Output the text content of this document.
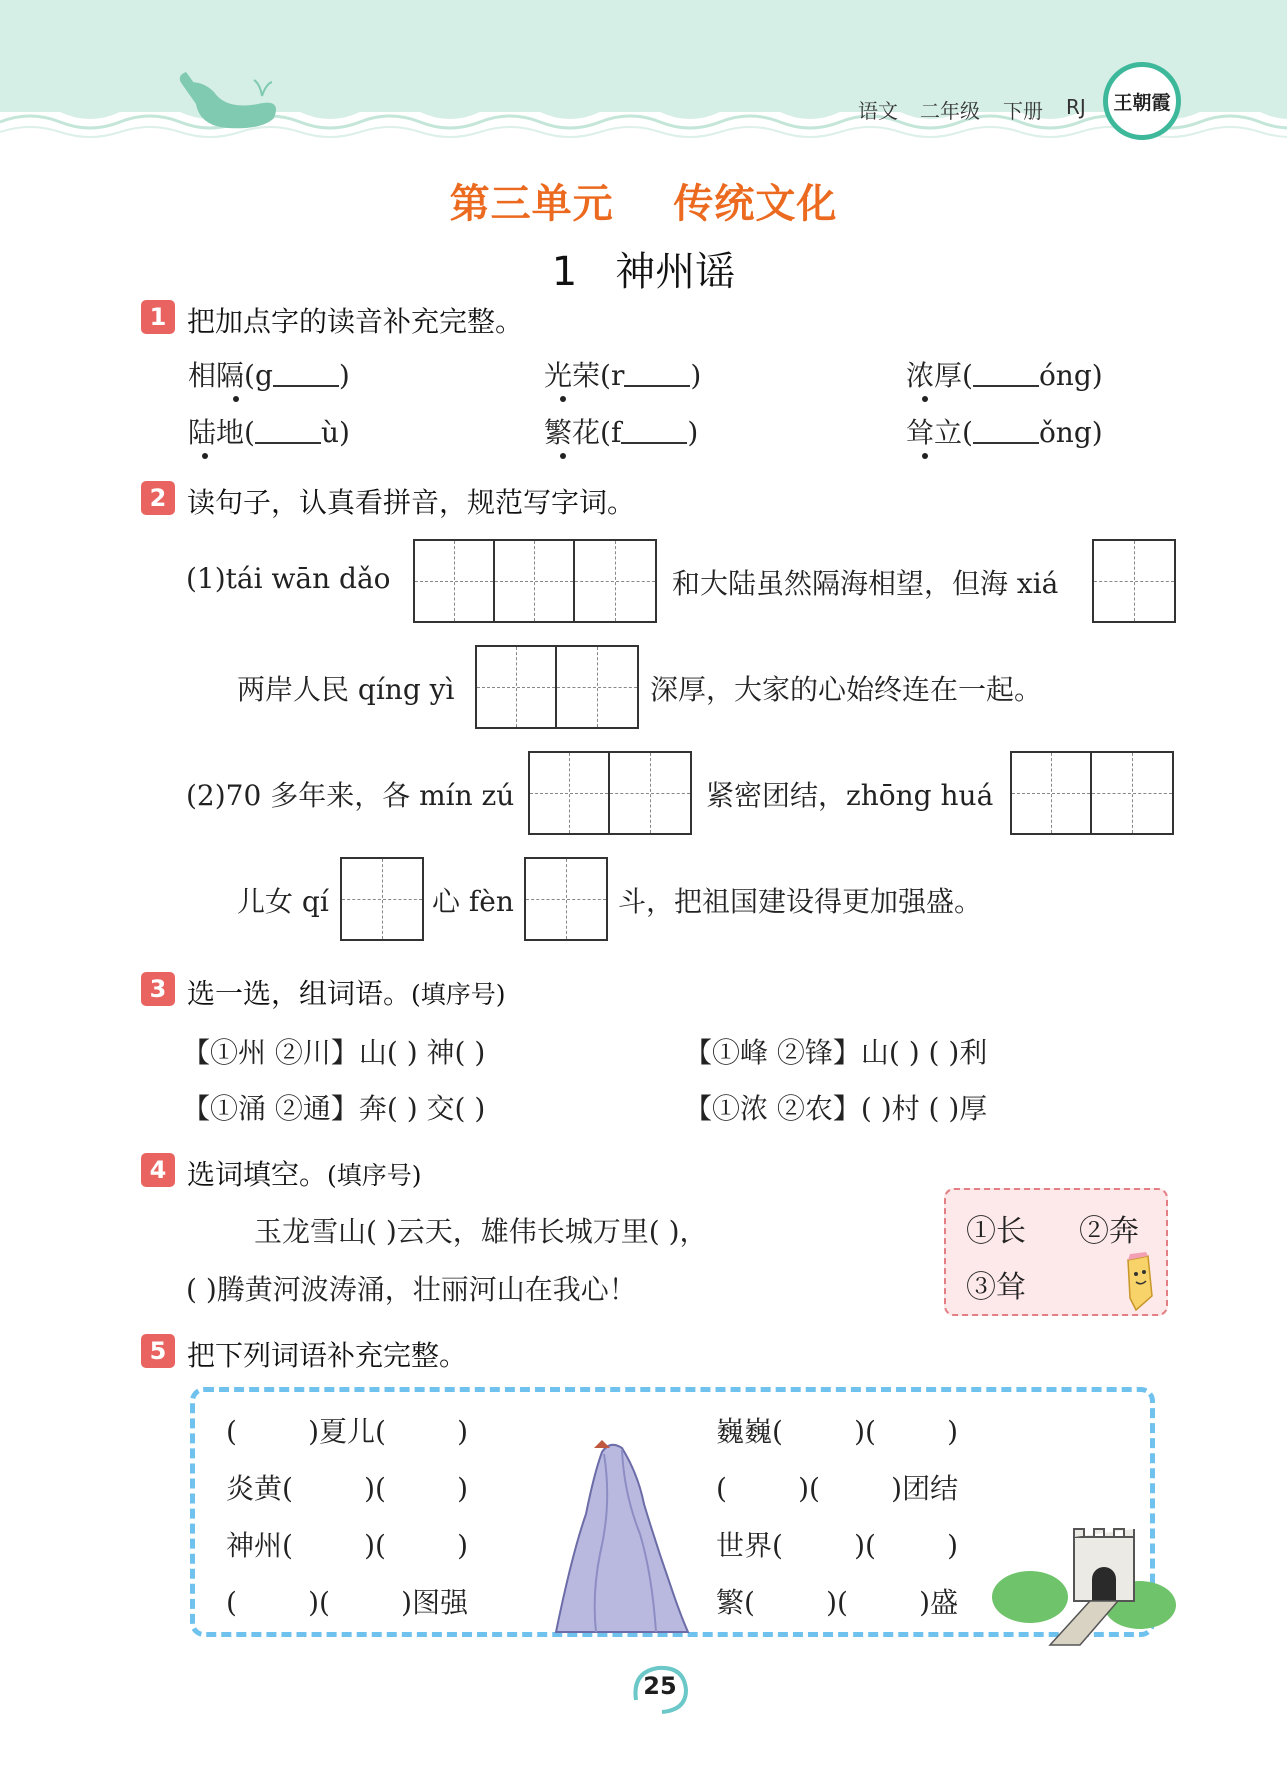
语文 二年级 下册 RJ 王朝霞
第三单元    传统文化
1   神州谣
1 把加点字的读音补充完整。
相隔(g )	光荣(r )	浓厚( óng)
陆地( ù)	繁花(f )	耸立( ǒng)
2 读句子，认真看拼音，规范写字词。
(1)tái wān dǎo	和大陆虽然隔海相望，但海 xiá
两岸人民 qíng yì	深厚，大家的心始终连在一起。
(2)70 多年来，各 mín zú	紧密团结，zhōng huá
儿女 qí	心 fèn	斗，把祖国建设得更加强盛。
3 选一选，组词语。(填序号)
【①州 ②川】山( ) 神( )	【①峰 ②锋】山( ) ( )利
【①涌 ②通】奔( ) 交( )	【①浓 ②农】( )村 ( )厚
4 选词填空。(填序号)
玉龙雪山( )云天，雄伟长城万里( )，
( )腾黄河波涛涌，壮丽河山在我心！
①长 ②奔
③耸
5 把下列词语补充完整。
(        )夏儿(        )
炎黄(        )(        )
神州(        )(        )
(        )(        )图强
巍巍(        )(        )
(        )(        )团结
世界(        )(        )
繁(        )(        )盛
25
